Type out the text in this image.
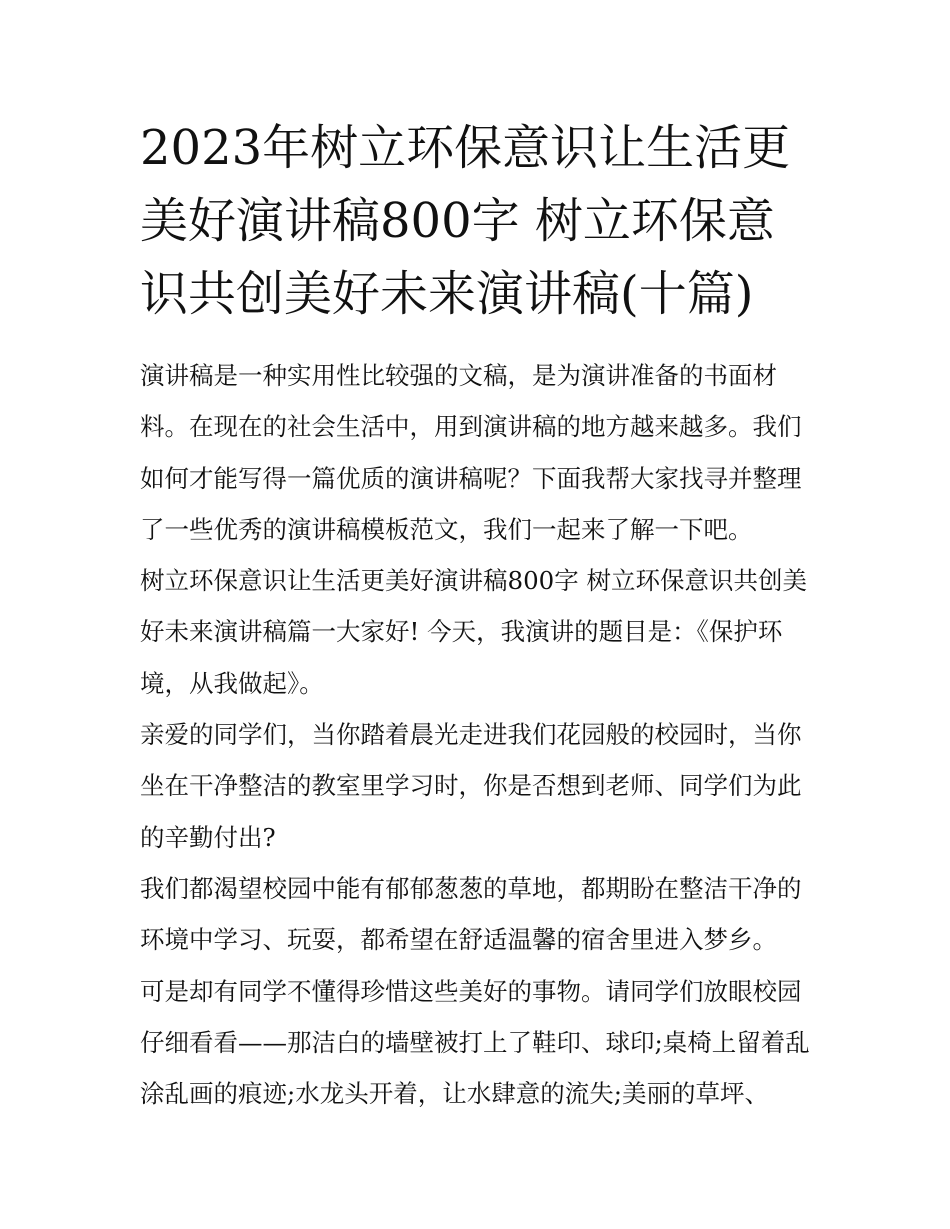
2023年树立环保意识让生活更美好演讲稿800字 树立环保意识共创美好未来演讲稿(十篇)

演讲稿是一种实用性比较强的文稿，是为演讲准备的书面材料。在现在的社会生活中，用到演讲稿的地方越来越多。我们如何才能写得一篇优质的演讲稿呢？下面我帮大家找寻并整理了一些优秀的演讲稿模板范文，我们一起来了解一下吧。

树立环保意识让生活更美好演讲稿800字 树立环保意识共创美好未来演讲稿篇一大家好! 今天，我演讲的题目是：《保护环境，从我做起》。

亲爱的同学们，当你踏着晨光走进我们花园般的校园时，当你坐在干净整洁的教室里学习时，你是否想到老师、同学们为此的辛勤付出?

我们都渴望校园中能有郁郁葱葱的草地，都期盼在整洁干净的环境中学习、玩耍，都希望在舒适温馨的宿舍里进入梦乡。

可是却有同学不懂得珍惜这些美好的事物。请同学们放眼校园仔细看看——那洁白的墙壁被打上了鞋印、球印;桌椅上留着乱涂乱画的痕迹;水龙头开着，让水肆意的流失;美丽的草坪、
